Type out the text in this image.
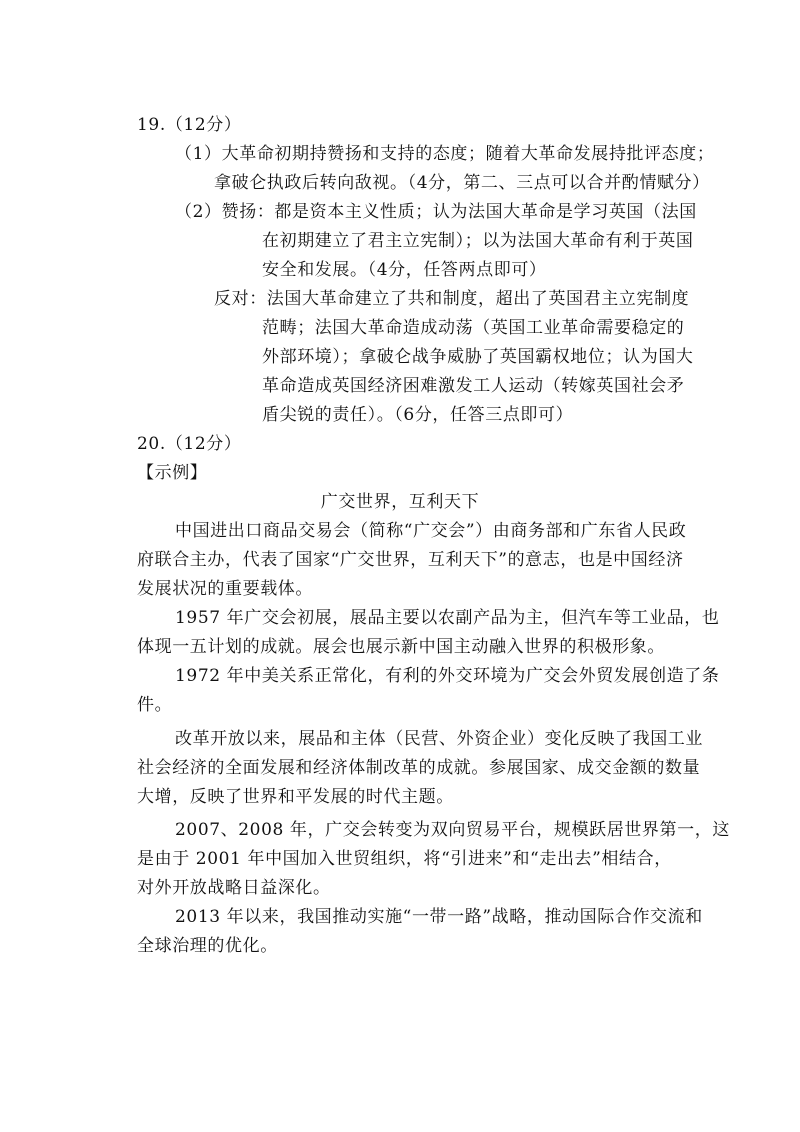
19.（12分）
（1）大革命初期持赞扬和支持的态度；随着大革命发展持批评态度；
拿破仑执政后转向敌视。（4分，第二、三点可以合并酌情赋分）
（2）赞扬：都是资本主义性质；认为法国大革命是学习英国（法国
在初期建立了君主立宪制）；以为法国大革命有利于英国
安全和发展。（4分，任答两点即可）
反对：法国大革命建立了共和制度，超出了英国君主立宪制度
范畴；法国大革命造成动荡（英国工业革命需要稳定的
外部环境）；拿破仑战争威胁了英国霸权地位；认为国大
革命造成英国经济困难激发工人运动（转嫁英国社会矛
盾尖锐的责任）。（6分，任答三点即可）
20.（12分）
【示例】
广交世界，互利天下
中国进出口商品交易会（简称“广交会”）由商务部和广东省人民政
府联合主办，代表了国家“广交世界，互利天下”的意志，也是中国经济
发展状况的重要载体。
1957 年广交会初展，展品主要以农副产品为主，但汽车等工业品，也
体现一五计划的成就。展会也展示新中国主动融入世界的积极形象。
1972 年中美关系正常化，有利的外交环境为广交会外贸发展创造了条
件。
改革开放以来，展品和主体（民营、外资企业）变化反映了我国工业
社会经济的全面发展和经济体制改革的成就。参展国家、成交金额的数量
大增，反映了世界和平发展的时代主题。
2007、2008 年，广交会转变为双向贸易平台，规模跃居世界第一，这
是由于 2001 年中国加入世贸组织，将“引进来”和“走出去”相结合，
对外开放战略日益深化。
2013 年以来，我国推动实施“一带一路”战略，推动国际合作交流和
全球治理的优化。
